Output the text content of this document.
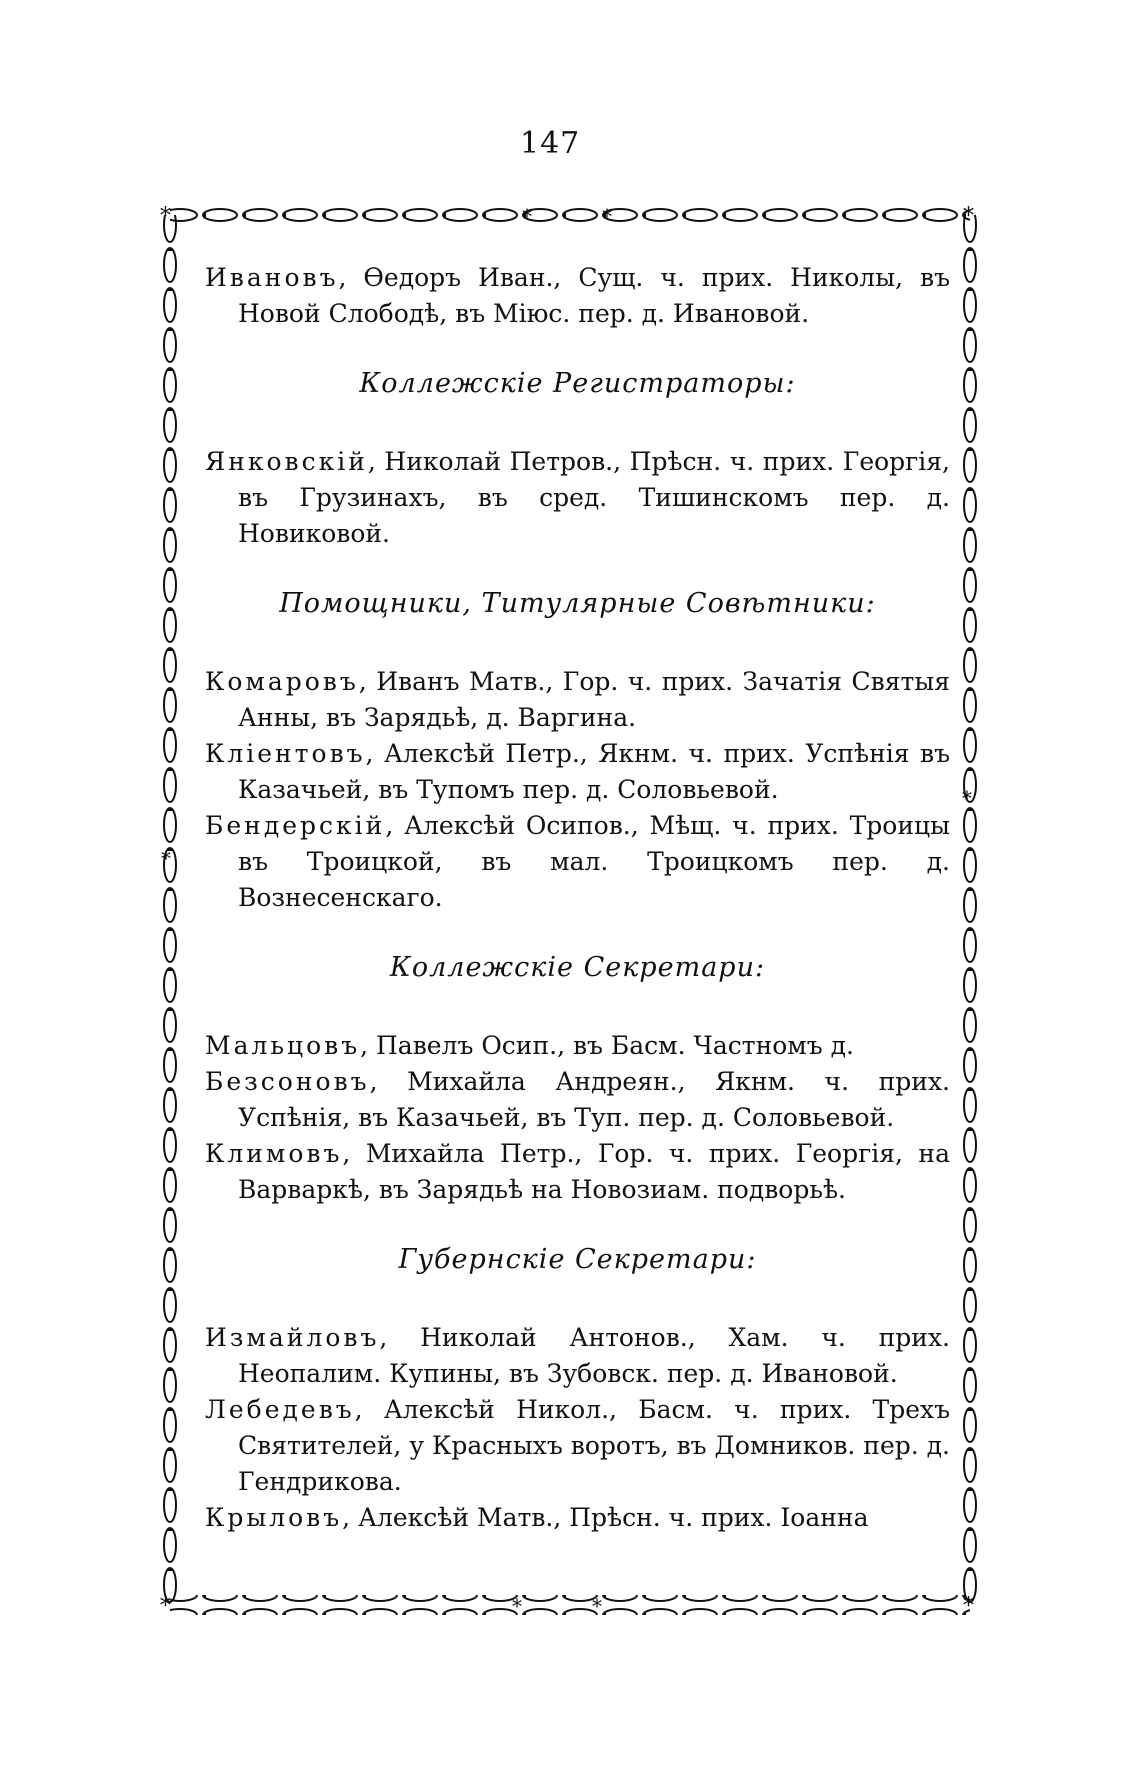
147
*	*
*	*
*	*
*	*
*
*

Ивановъ, Өедоръ Иван., Сущ. ч. прих. Николы, въ Новой Слободѣ, въ Міюс. пер. д. Ивановой.

Коллежскіе Регистраторы:

Янковскій, Николай Петров., Прѣсн. ч. прих. Георгія, въ Грузинахъ, въ сред. Тишинскомъ пер. д. Новиковой.

Помощники, Титулярные Совѣтники:

Комаровъ, Иванъ Матв., Гор. ч. прих. Зачатія Святыя Анны, въ Зарядьѣ, д. Варгина.

Кліентовъ, Алексѣй Петр., Якнм. ч. прих. Успѣнія въ Казачьей, въ Тупомъ пер. д. Соловьевой.

Бендерскій, Алексѣй Осипов., Мѣщ. ч. прих. Троицы въ Троицкой, въ мал. Троицкомъ пер. д. Вознесенскаго.

Коллежскіе Секретари:

Мальцовъ, Павелъ Осип., въ Басм. Частномъ д.

Безсоновъ, Михайла Андреян., Якнм. ч. прих. Успѣнія, въ Казачьей, въ Туп. пер. д. Соловьевой.

Климовъ, Михайла Петр., Гор. ч. прих. Георгія, на Варваркѣ, въ Зарядьѣ на Новозиам. подворьѣ.

Губернскіе Секретари:

Измайловъ, Николай Антонов., Хам. ч. прих. Неопалим. Купины, въ Зубовск. пер. д. Ивановой.

Лебедевъ, Алексѣй Никол., Басм. ч. прих. Трехъ Святителей, у Красныхъ воротъ, въ Домников. пер. д. Гендрикова.

Крыловъ, Алексѣй Матв., Прѣсн. ч. прих. Іоанна
